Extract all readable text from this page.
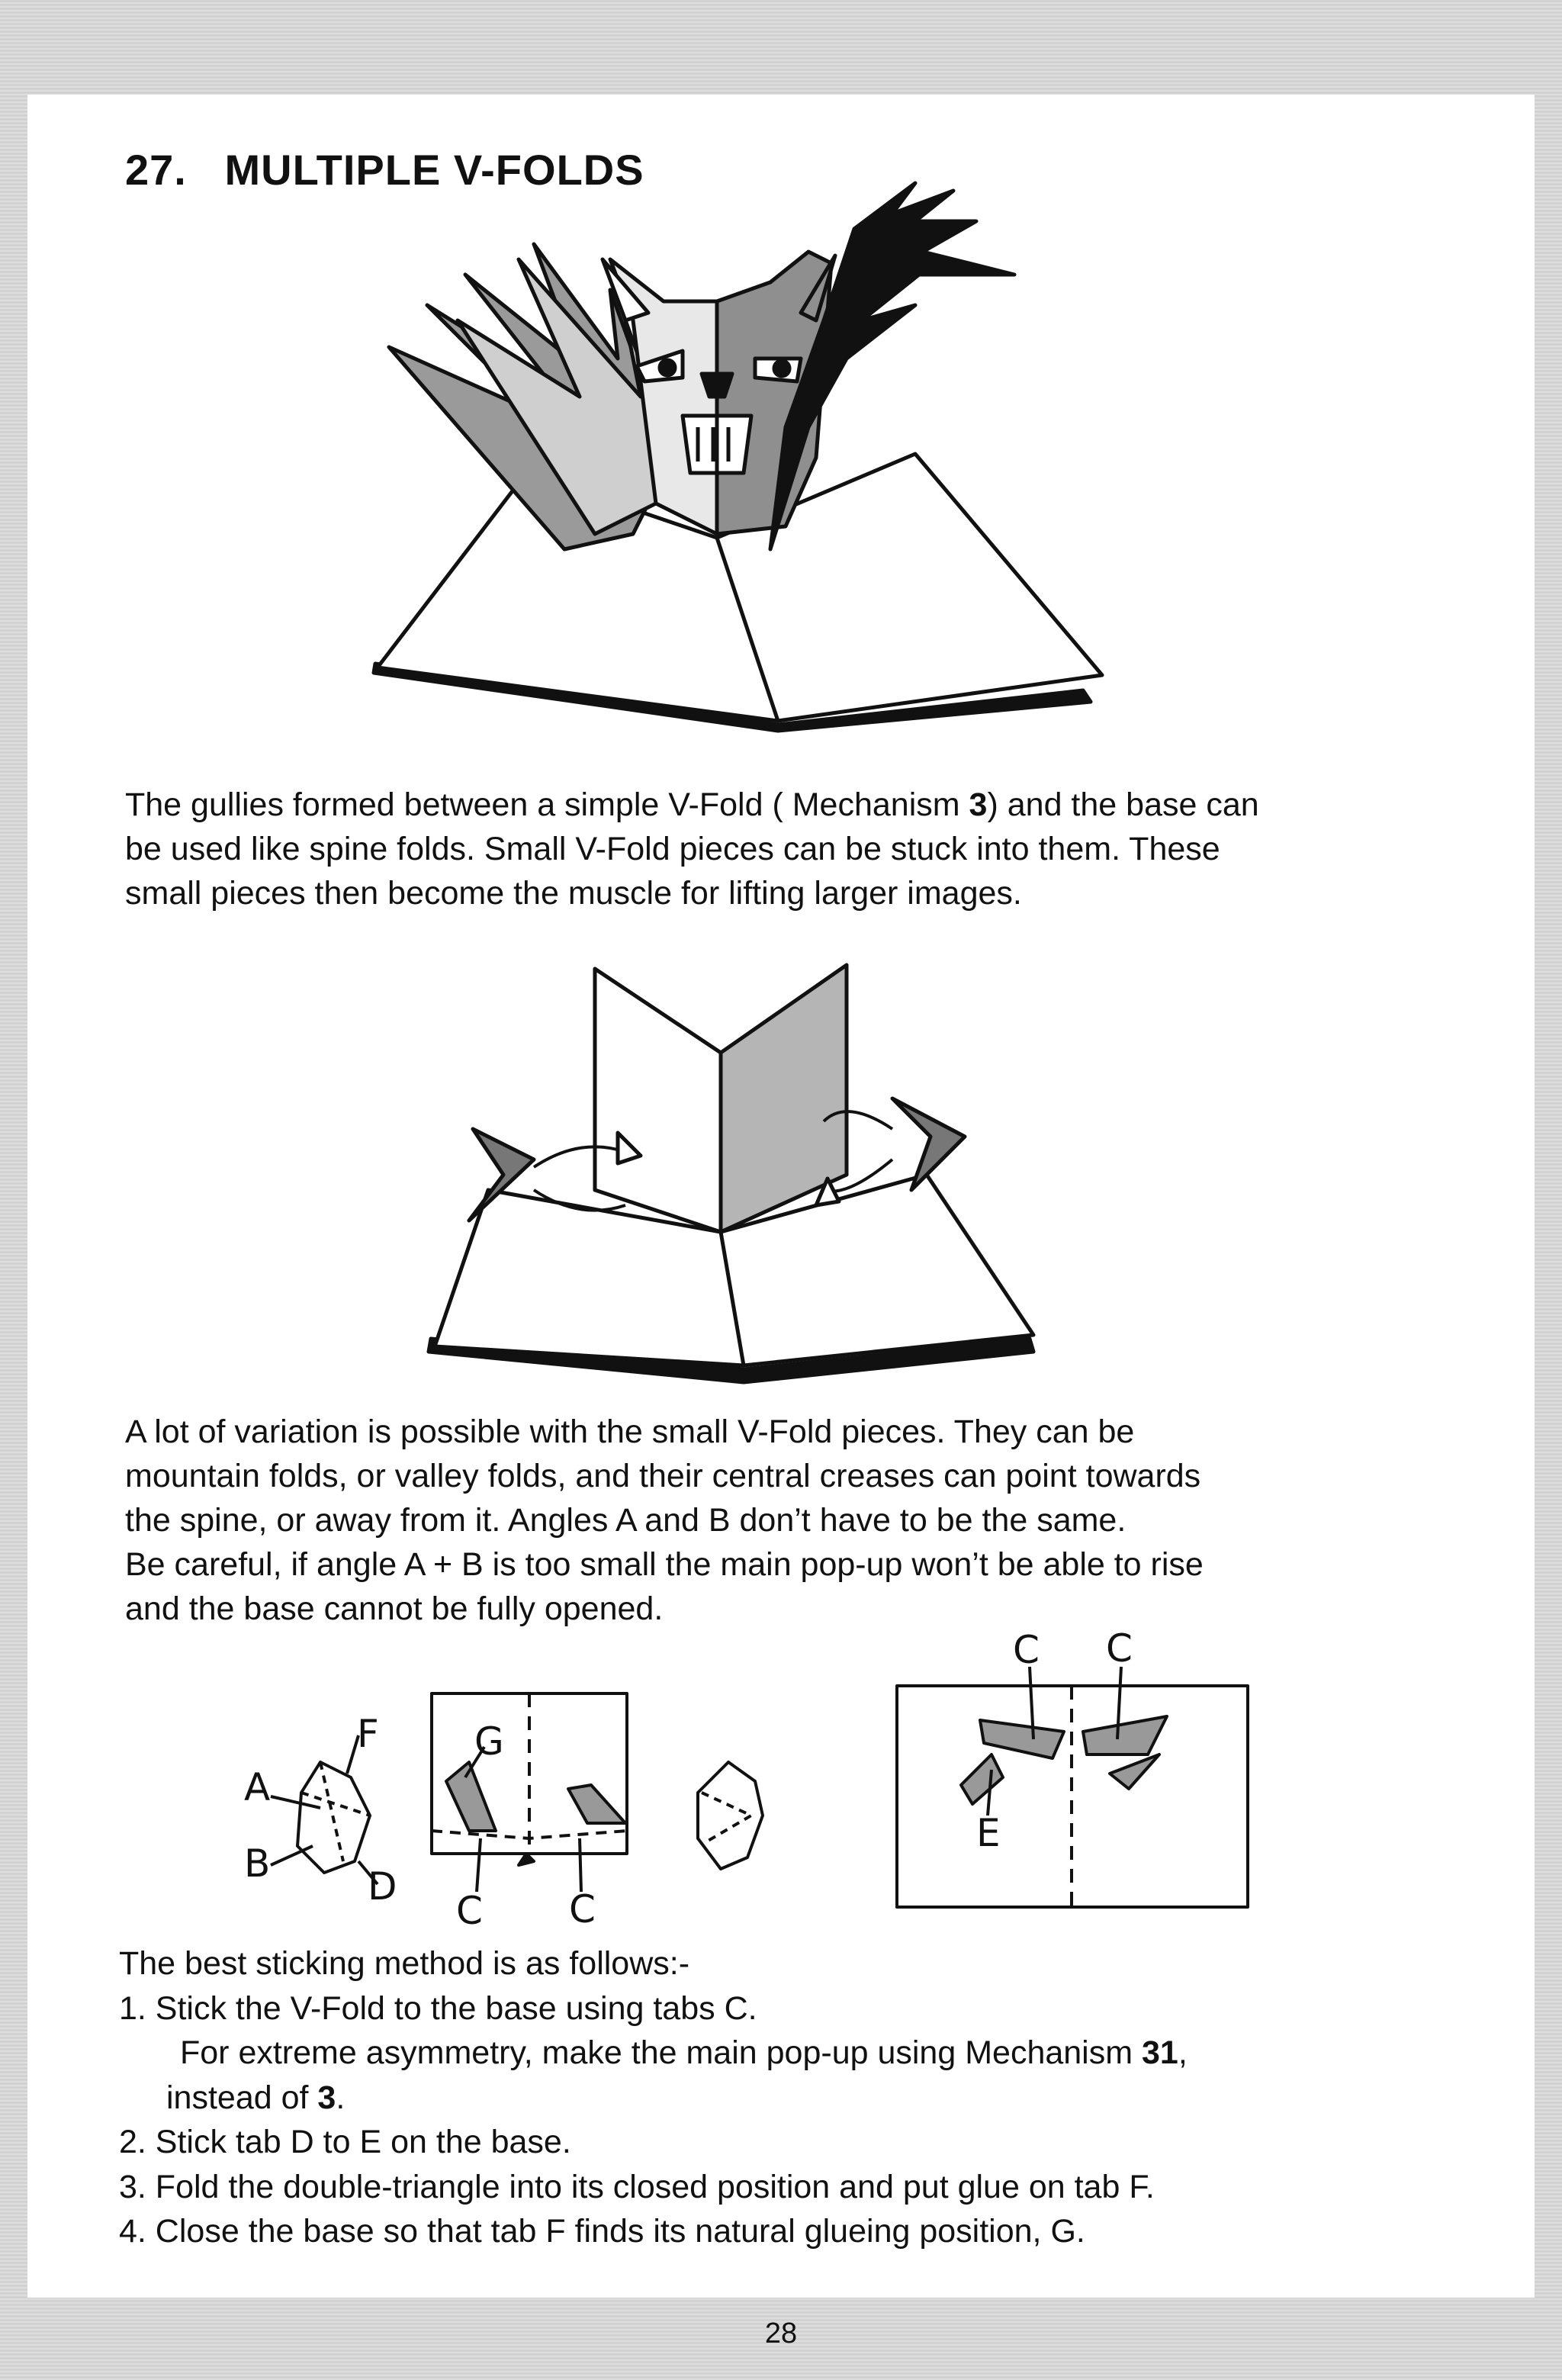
27.   MULTIPLE V-FOLDS

The gullies formed between a simple V-Fold ( Mechanism 3) and the base can
be used like spine folds. Small V-Fold pieces can be stuck into them. These
small pieces then become the muscle for lifting larger images.

A lot of variation is possible with the small V-Fold pieces. They can be
mountain folds, or valley folds, and their central creases can point towards
the spine, or away from it. Angles A and B don’t have to be the same.
Be careful, if angle A + B is too small the main pop-up won’t be able to rise
and the base cannot be fully opened.

A
B
F
D
G
C C
C C
E
The best sticking method is as follows:-
1. Stick the V-Fold to the base using tabs C.
For extreme asymmetry, make the main pop-up using Mechanism 31,
instead of 3.
2. Stick tab D to E on the base.
3. Fold the double-triangle into its closed position and put glue on tab F.
4. Close the base so that tab F finds its natural glueing position, G.
28
